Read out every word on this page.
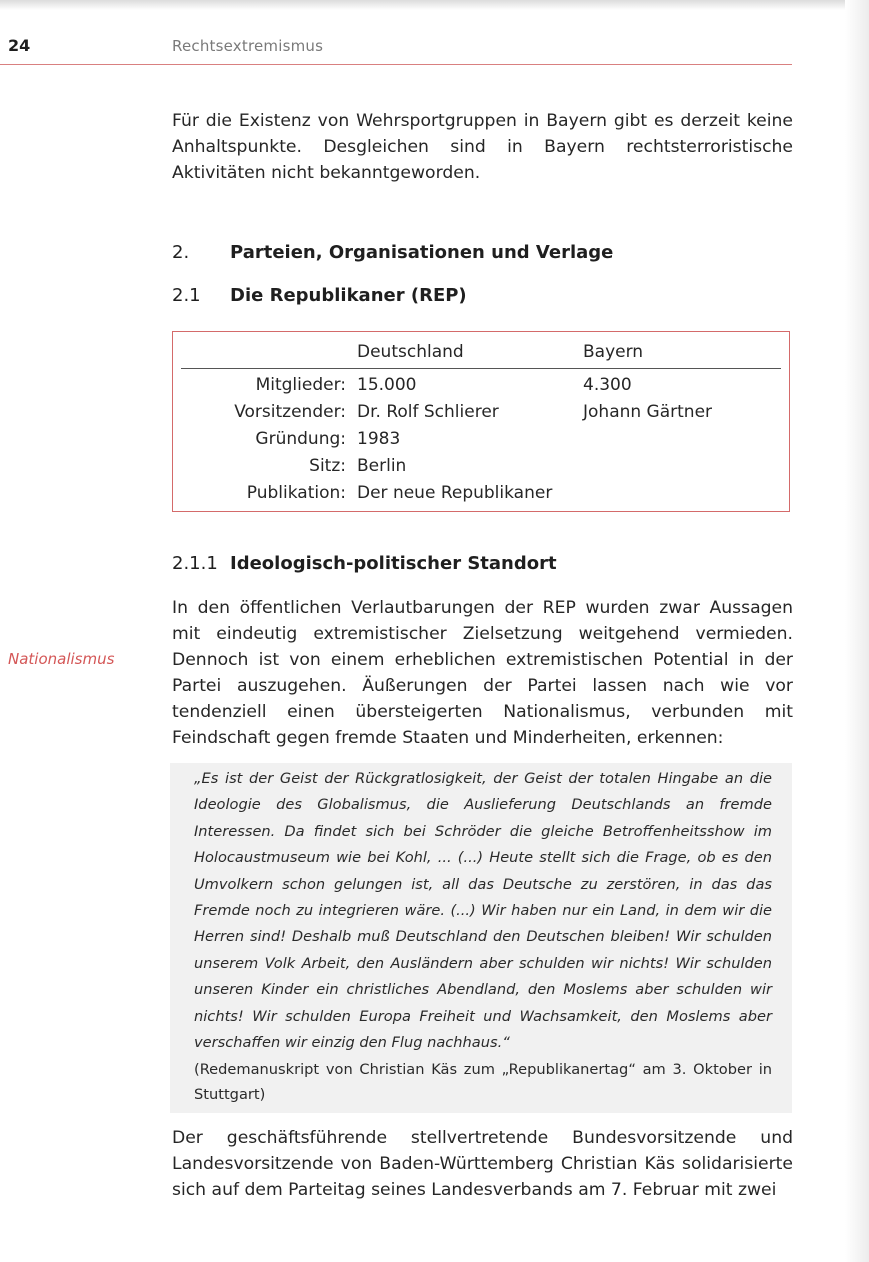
24	Rechtsextremismus

Für die Existenz von Wehrsportgruppen in Bayern gibt es derzeit keine Anhaltspunkte. Desgleichen sind in Bayern rechtsterroristische Aktivitäten nicht bekanntgeworden.

2. Parteien, Organisationen und Verlage
2.1 Die Republikaner (REP)
Deutschland	Bayern
Mitglieder: 15.000	4.300
Vorsitzender: Dr. Rolf Schlierer	Johann Gärtner
Gründung: 1983
Sitz: Berlin
Publikation: Der neue Republikaner
2.1.1 Ideologisch-politischer Standort
Nationalismus

In den öffentlichen Verlautbarungen der REP wurden zwar Aussagen mit eindeutig extremistischer Zielsetzung weitgehend vermieden. Dennoch ist von einem erheblichen extremistischen Potential in der Partei auszugehen. Äußerungen der Partei lassen nach wie vor tendenziell einen übersteigerten Nationalismus, verbunden mit Feindschaft gegen fremde Staaten und Minderheiten, erkennen:

„Es ist der Geist der Rückgratlosigkeit, der Geist der totalen Hingabe an die Ideologie des Globalismus, die Auslieferung Deutschlands an fremde Interessen. Da findet sich bei Schröder die gleiche Betroffenheitsshow im Holocaustmuseum wie bei Kohl, ... (...) Heute stellt sich die Frage, ob es den Umvolkern schon gelungen ist, all das Deutsche zu zerstören, in das das Fremde noch zu integrieren wäre. (...) Wir haben nur ein Land, in dem wir die Herren sind! Deshalb muß Deutschland den Deutschen bleiben! Wir schulden unserem Volk Arbeit, den Ausländern aber schulden wir nichts! Wir schulden unseren Kinder ein christliches Abendland, den Moslems aber schulden wir nichts! Wir schulden Europa Freiheit und Wachsamkeit, den Moslems aber verschaffen wir einzig den Flug nachhaus.“

(Redemanuskript von Christian Käs zum „Republikanertag“ am 3. Oktober in Stuttgart)

Der geschäftsführende stellvertretende Bundesvorsitzende und Landesvorsitzende von Baden-Württemberg Christian Käs solidarisierte sich auf dem Parteitag seines Landesverbands am 7. Februar mit zwei
